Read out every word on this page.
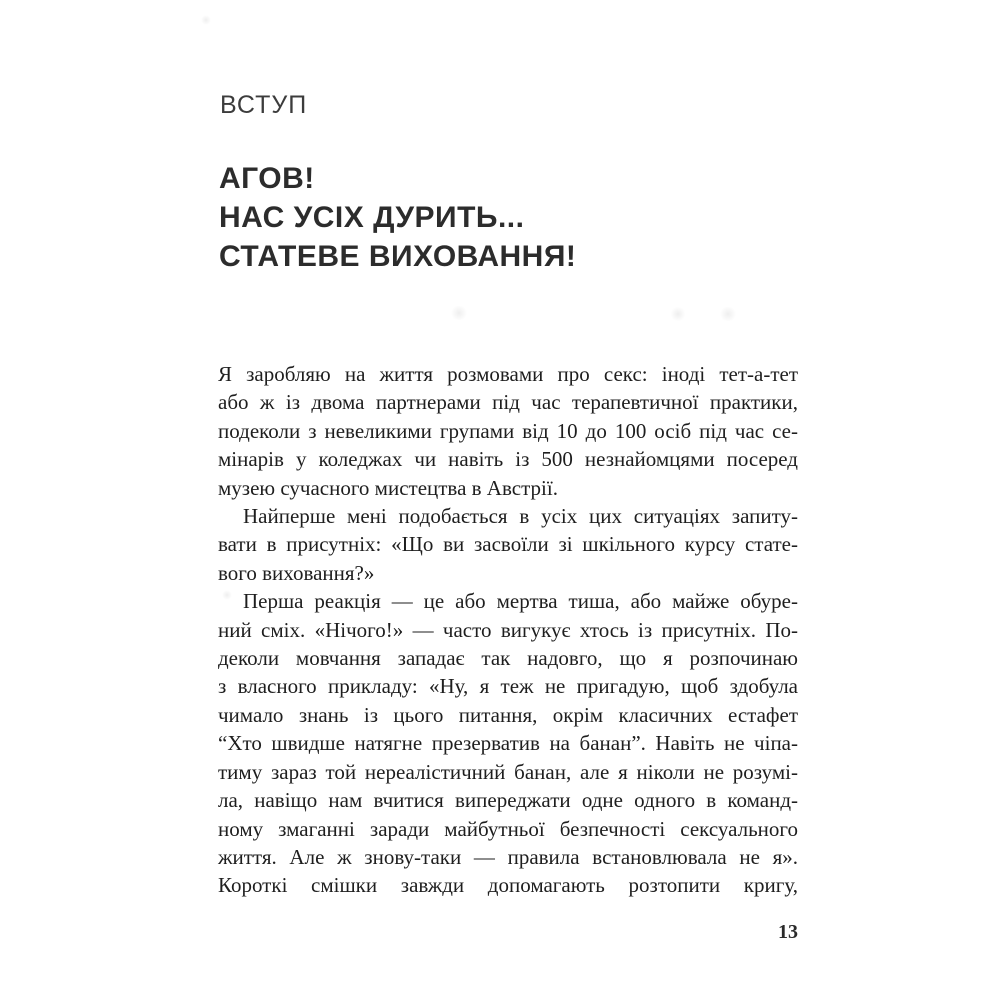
ВСТУП
АГОВ!
НАС УСІХ ДУРИТЬ...
СТАТЕВЕ ВИХОВАННЯ!
Я заробляю на життя розмовами про секс: іноді тет-а-тет
або ж із двома партнерами під час терапевтичної практики,
подеколи з невеликими групами від 10 до 100 осіб під час се-
мінарів у коледжах чи навіть із 500 незнайомцями посеред
музею сучасного мистецтва в Австрії.
Найперше мені подобається в усіх цих ситуаціях запиту-
вати в присутніх: «Що ви засвоїли зі шкільного курсу стате-
вого виховання?»
Перша реакція — це або мертва тиша, або майже обуре-
ний сміх. «Нічого!» — часто вигукує хтось із присутніх. По-
деколи мовчання западає так надовго, що я розпочинаю
з власного прикладу: «Ну, я теж не пригадую, щоб здобула
чимало знань із цього питання, окрім класичних естафет
“Хто швидше натягне презерватив на банан”. Навіть не чіпа-
тиму зараз той нереалістичний банан, але я ніколи не розумі-
ла, навіщо нам вчитися випереджати одне одного в команд-
ному змаганні заради майбутньої безпечності сексуального
життя. Але ж знову-таки — правила встановлювала не я».
Короткі смішки завжди допомагають розтопити кригу,
13
